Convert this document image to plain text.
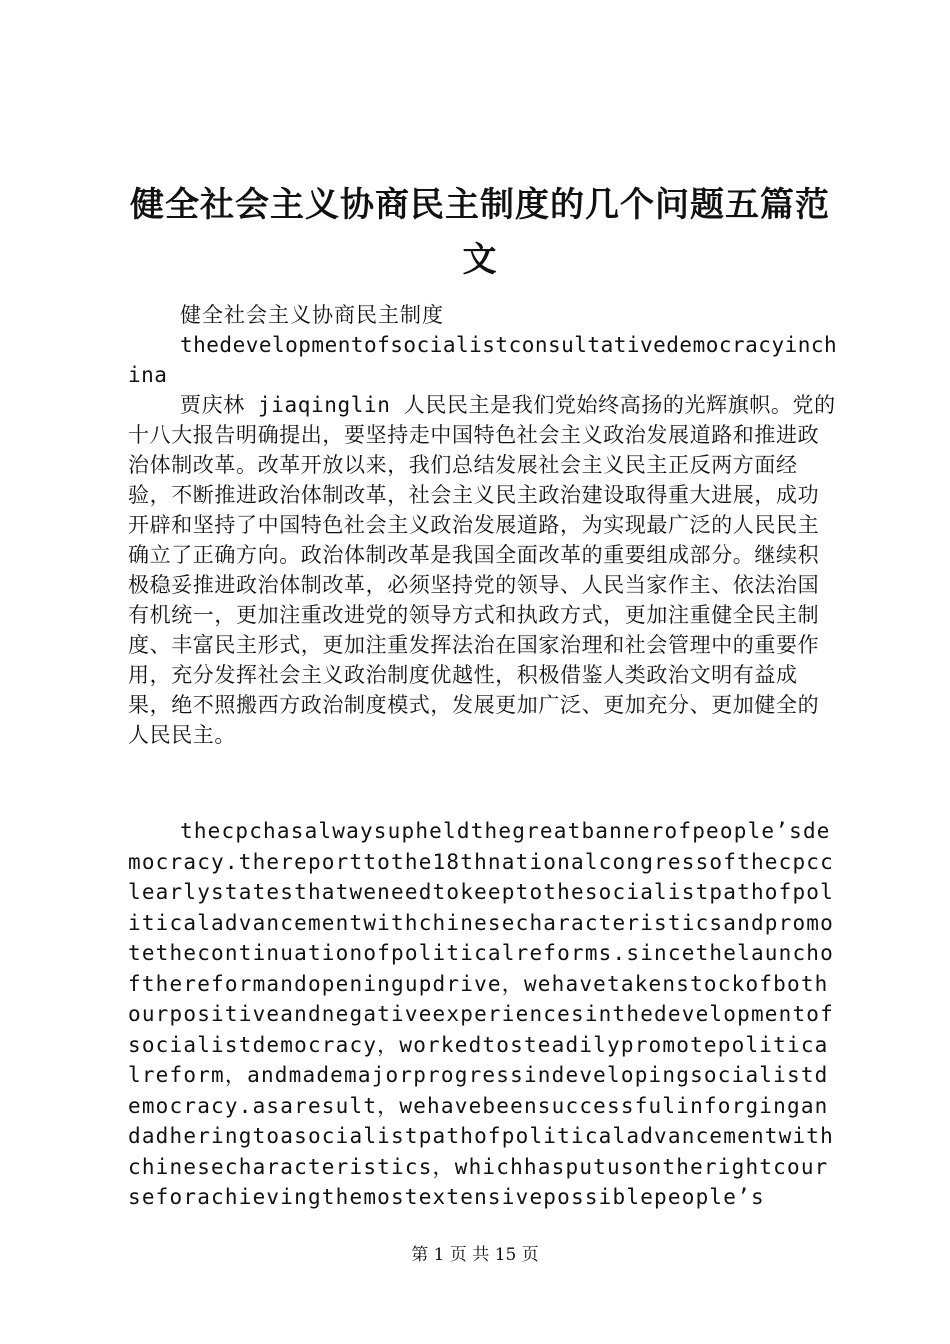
健全社会主义协商民主制度的几个问题五篇范文
健全社会主义协商民主制度
thedevelopmentofsocialistconsultativedemocracyinchina
贾庆林 jiaqinglin 人民民主是我们党始终高扬的光辉旗帜。党的十八大报告明确提出，要坚持走中国特色社会主义政治发展道路和推进政治体制改革。改革开放以来，我们总结发展社会主义民主正反两方面经验，不断推进政治体制改革，社会主义民主政治建设取得重大进展，成功开辟和坚持了中国特色社会主义政治发展道路，为实现最广泛的人民民主确立了正确方向。政治体制改革是我国全面改革的重要组成部分。继续积极稳妥推进政治体制改革，必须坚持党的领导、人民当家作主、依法治国有机统一，更加注重改进党的领导方式和执政方式，更加注重健全民主制度、丰富民主形式，更加注重发挥法治在国家治理和社会管理中的重要作用，充分发挥社会主义政治制度优越性，积极借鉴人类政治文明有益成果，绝不照搬西方政治制度模式，发展更加广泛、更加充分、更加健全的人民民主。
thecpchasalwaysupheldthegreatbannerofpeople’sdemocracy.thereporttothe18thnationalcongressofthecpcclearlystatesthatweneedtokeeptothesocialistpathofpoliticaladvancementwithchinesecharacteristicsandpromotethecontinuationofpoliticalreforms.sincethelaunchofthereformandopeningupdrive，wehavetakenstockofbothourpositiveandnegativeexperiencesinthedevelopmentofsocialistdemocracy，workedtosteadilypromotepoliticalreform，andmademajorprogressindevelopingsocialistdemocracy.asaresult，wehavebeensuccessfulinforgingandadheringtoasocialistpathofpoliticaladvancementwithchinesecharacteristics，whichhasputusontherightcourseforachievingthemostextensivepossiblepeople’s
第 1 页 共 15 页
